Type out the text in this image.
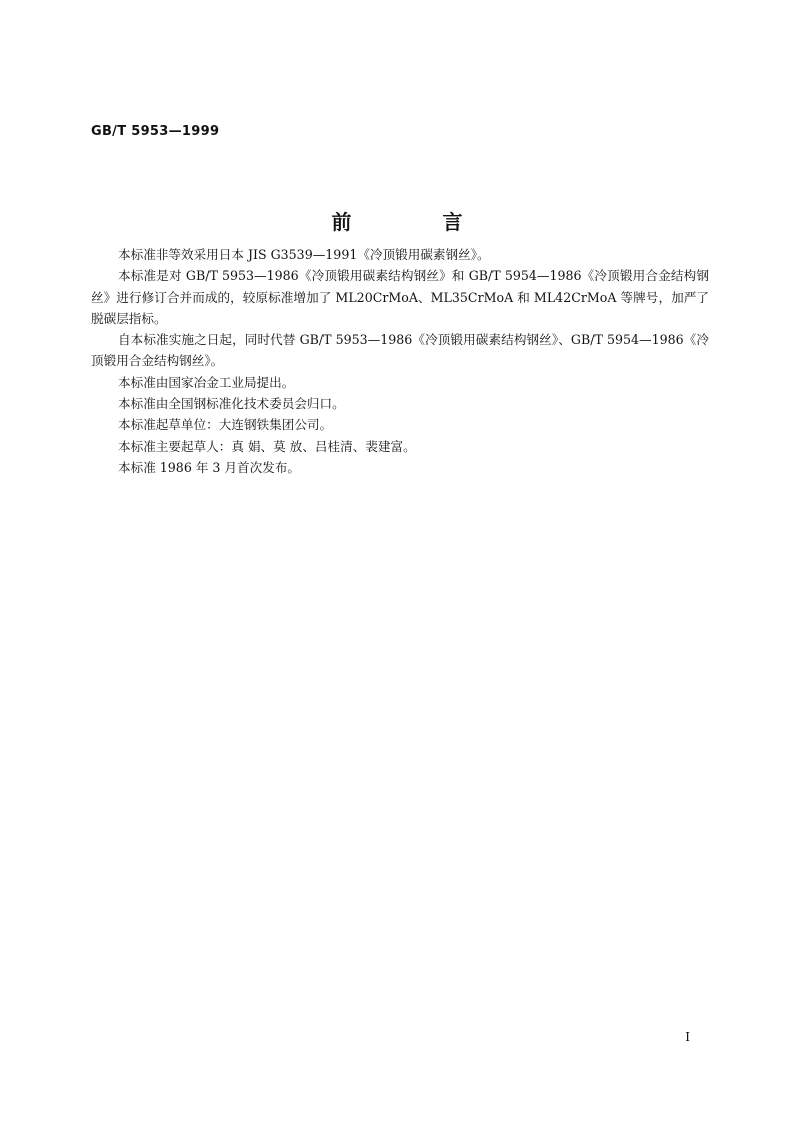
GB/T 5953—1999
前 言

本标准非等效采用日本 JIS G3539—1991《冷顶锻用碳素钢丝》。

本标准是对 GB/T 5953—1986《冷顶锻用碳素结构钢丝》和 GB/T 5954—1986《冷顶锻用合金结构钢丝》进行修订合并而成的，较原标准增加了 ML20CrMoA、ML35CrMoA 和 ML42CrMoA 等牌号，加严了脱碳层指标。

自本标准实施之日起，同时代替 GB/T 5953—1986《冷顶锻用碳素结构钢丝》、GB/T 5954—1986《冷顶锻用合金结构钢丝》。

本标准由国家冶金工业局提出。

本标准由全国钢标准化技术委员会归口。

本标准起草单位：大连钢铁集团公司。

本标准主要起草人：真 娟、莫 放、吕桂清、裴建富。

本标准 1986 年 3 月首次发布。

I
